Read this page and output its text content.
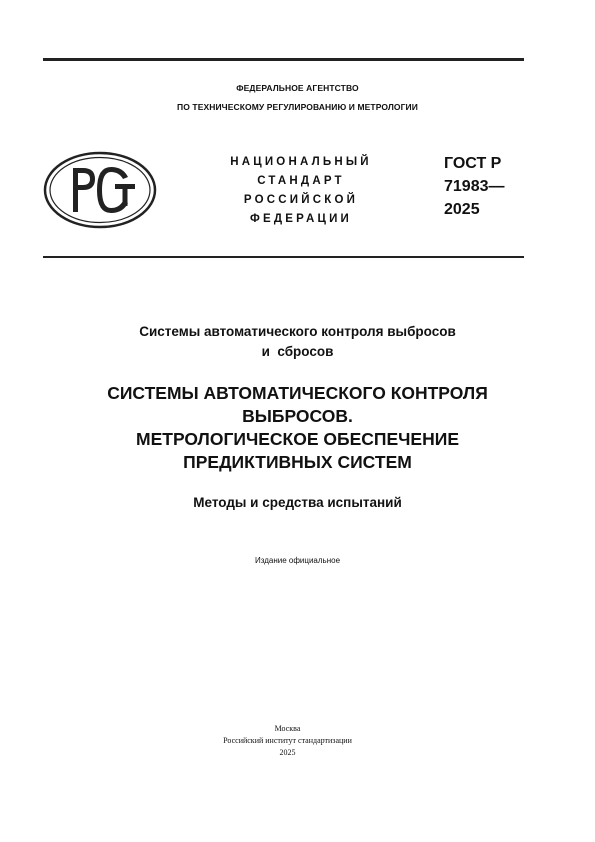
ФЕДЕРАЛЬНОЕ АГЕНТСТВО
ПО ТЕХНИЧЕСКОМУ РЕГУЛИРОВАНИЮ И МЕТРОЛОГИИ
НАЦИОНАЛЬНЫЙ
СТАНДАРТ
РОССИЙСКОЙ
ФЕДЕРАЦИИ
ГОСТ Р
71983—
2025
Системы автоматического контроля выбросов
и  сбросов
СИСТЕМЫ АВТОМАТИЧЕСКОГО КОНТРОЛЯ
ВЫБРОСОВ.
МЕТРОЛОГИЧЕСКОЕ ОБЕСПЕЧЕНИЕ
ПРЕДИКТИВНЫХ СИСТЕМ
Методы и средства испытаний
Издание официальное
Москва
Российский институт стандартизации
2025
